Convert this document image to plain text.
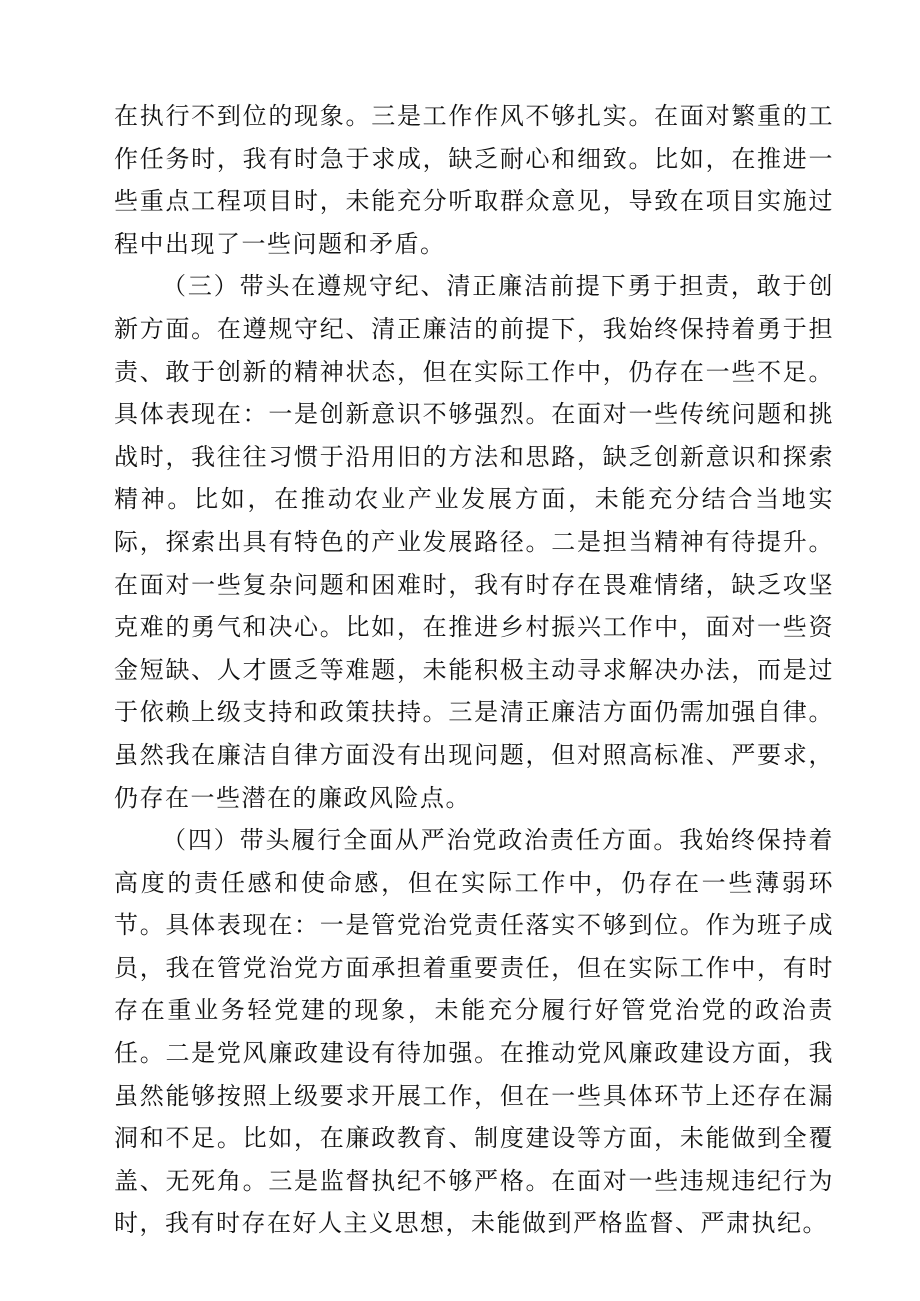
在执行不到位的现象。三是工作作风不够扎实。在面对繁重的工作任务时，我有时急于求成，缺乏耐心和细致。比如，在推进一些重点工程项目时，未能充分听取群众意见，导致在项目实施过程中出现了一些问题和矛盾。

（三）带头在遵规守纪、清正廉洁前提下勇于担责，敢于创新方面。在遵规守纪、清正廉洁的前提下，我始终保持着勇于担责、敢于创新的精神状态，但在实际工作中，仍存在一些不足。具体表现在：一是创新意识不够强烈。在面对一些传统问题和挑战时，我往往习惯于沿用旧的方法和思路，缺乏创新意识和探索精神。比如，在推动农业产业发展方面，未能充分结合当地实际，探索出具有特色的产业发展路径。二是担当精神有待提升。在面对一些复杂问题和困难时，我有时存在畏难情绪，缺乏攻坚克难的勇气和决心。比如，在推进乡村振兴工作中，面对一些资金短缺、人才匮乏等难题，未能积极主动寻求解决办法，而是过于依赖上级支持和政策扶持。三是清正廉洁方面仍需加强自律。虽然我在廉洁自律方面没有出现问题，但对照高标准、严要求，仍存在一些潜在的廉政风险点。

（四）带头履行全面从严治党政治责任方面。我始终保持着高度的责任感和使命感，但在实际工作中，仍存在一些薄弱环节。具体表现在：一是管党治党责任落实不够到位。作为班子成员，我在管党治党方面承担着重要责任，但在实际工作中，有时存在重业务轻党建的现象，未能充分履行好管党治党的政治责任。二是党风廉政建设有待加强。在推动党风廉政建设方面，我虽然能够按照上级要求开展工作，但在一些具体环节上还存在漏洞和不足。比如，在廉政教育、制度建设等方面，未能做到全覆盖、无死角。三是监督执纪不够严格。在面对一些违规违纪行为时，我有时存在好人主义思想，未能做到严格监督、严肃执纪。
